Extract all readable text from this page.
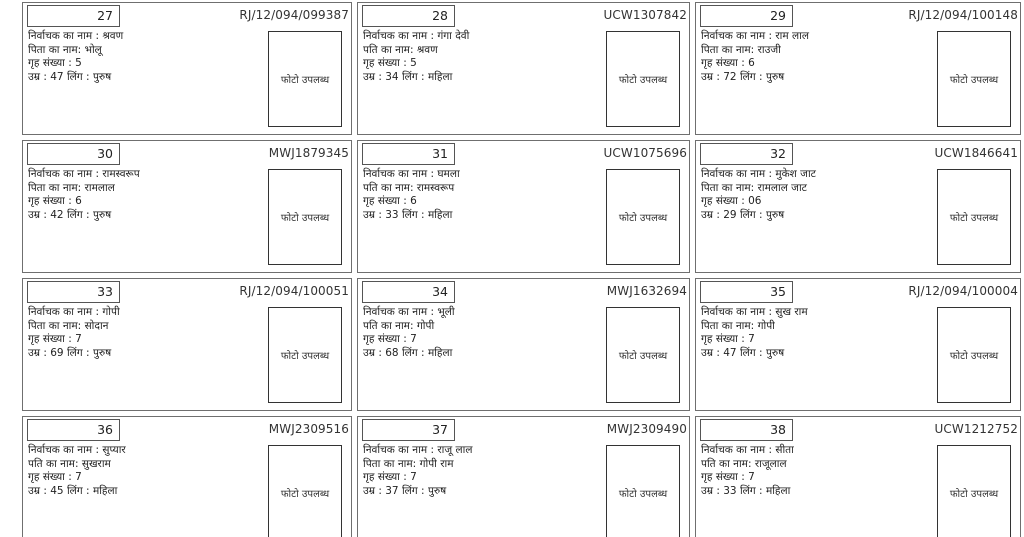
27	RJ/12/094/099387
निर्वाचक का नाम : श्रवण
पिता का नाम: भोलू
गृह संख्या : 5
उम्र : 47 लिंग : पुरुष	फोटो उपलब्ध
28	UCW1307842
निर्वाचक का नाम : गंगा देवी
पति का नाम: श्रवण
गृह संख्या : 5
उम्र : 34 लिंग : महिला	फोटो उपलब्ध
29	RJ/12/094/100148
निर्वाचक का नाम : राम लाल
पिता का नाम: राउजी
गृह संख्या : 6
उम्र : 72 लिंग : पुरुष	फोटो उपलब्ध
30	MWJ1879345
निर्वाचक का नाम : रामस्वरूप
पिता का नाम: रामलाल
गृह संख्या : 6
उम्र : 42 लिंग : पुरुष	फोटो उपलब्ध
31	UCW1075696
निर्वाचक का नाम : घमला
पति का नाम: रामस्वरूप
गृह संख्या : 6
उम्र : 33 लिंग : महिला	फोटो उपलब्ध
32	UCW1846641
निर्वाचक का नाम : मुकेश जाट
पिता का नाम: रामलाल जाट
गृह संख्या : 06
उम्र : 29 लिंग : पुरुष	फोटो उपलब्ध
33	RJ/12/094/100051
निर्वाचक का नाम : गोपी
पिता का नाम: सोदान
गृह संख्या : 7
उम्र : 69 लिंग : पुरुष	फोटो उपलब्ध
34	MWJ1632694
निर्वाचक का नाम : भूली
पति का नाम: गोपी
गृह संख्या : 7
उम्र : 68 लिंग : महिला	फोटो उपलब्ध
35	RJ/12/094/100004
निर्वाचक का नाम : सुख राम
पिता का नाम: गोपी
गृह संख्या : 7
उम्र : 47 लिंग : पुरुष	फोटो उपलब्ध
36	MWJ2309516
निर्वाचक का नाम : सुप्यार
पति का नाम: सुखराम
गृह संख्या : 7
उम्र : 45 लिंग : महिला	फोटो उपलब्ध
37	MWJ2309490
निर्वाचक का नाम : राजू लाल
पिता का नाम: गोपी राम
गृह संख्या : 7
उम्र : 37 लिंग : पुरुष	फोटो उपलब्ध
38	UCW1212752
निर्वाचक का नाम : सीता
पति का नाम: राजूलाल
गृह संख्या : 7
उम्र : 33 लिंग : महिला	फोटो उपलब्ध
